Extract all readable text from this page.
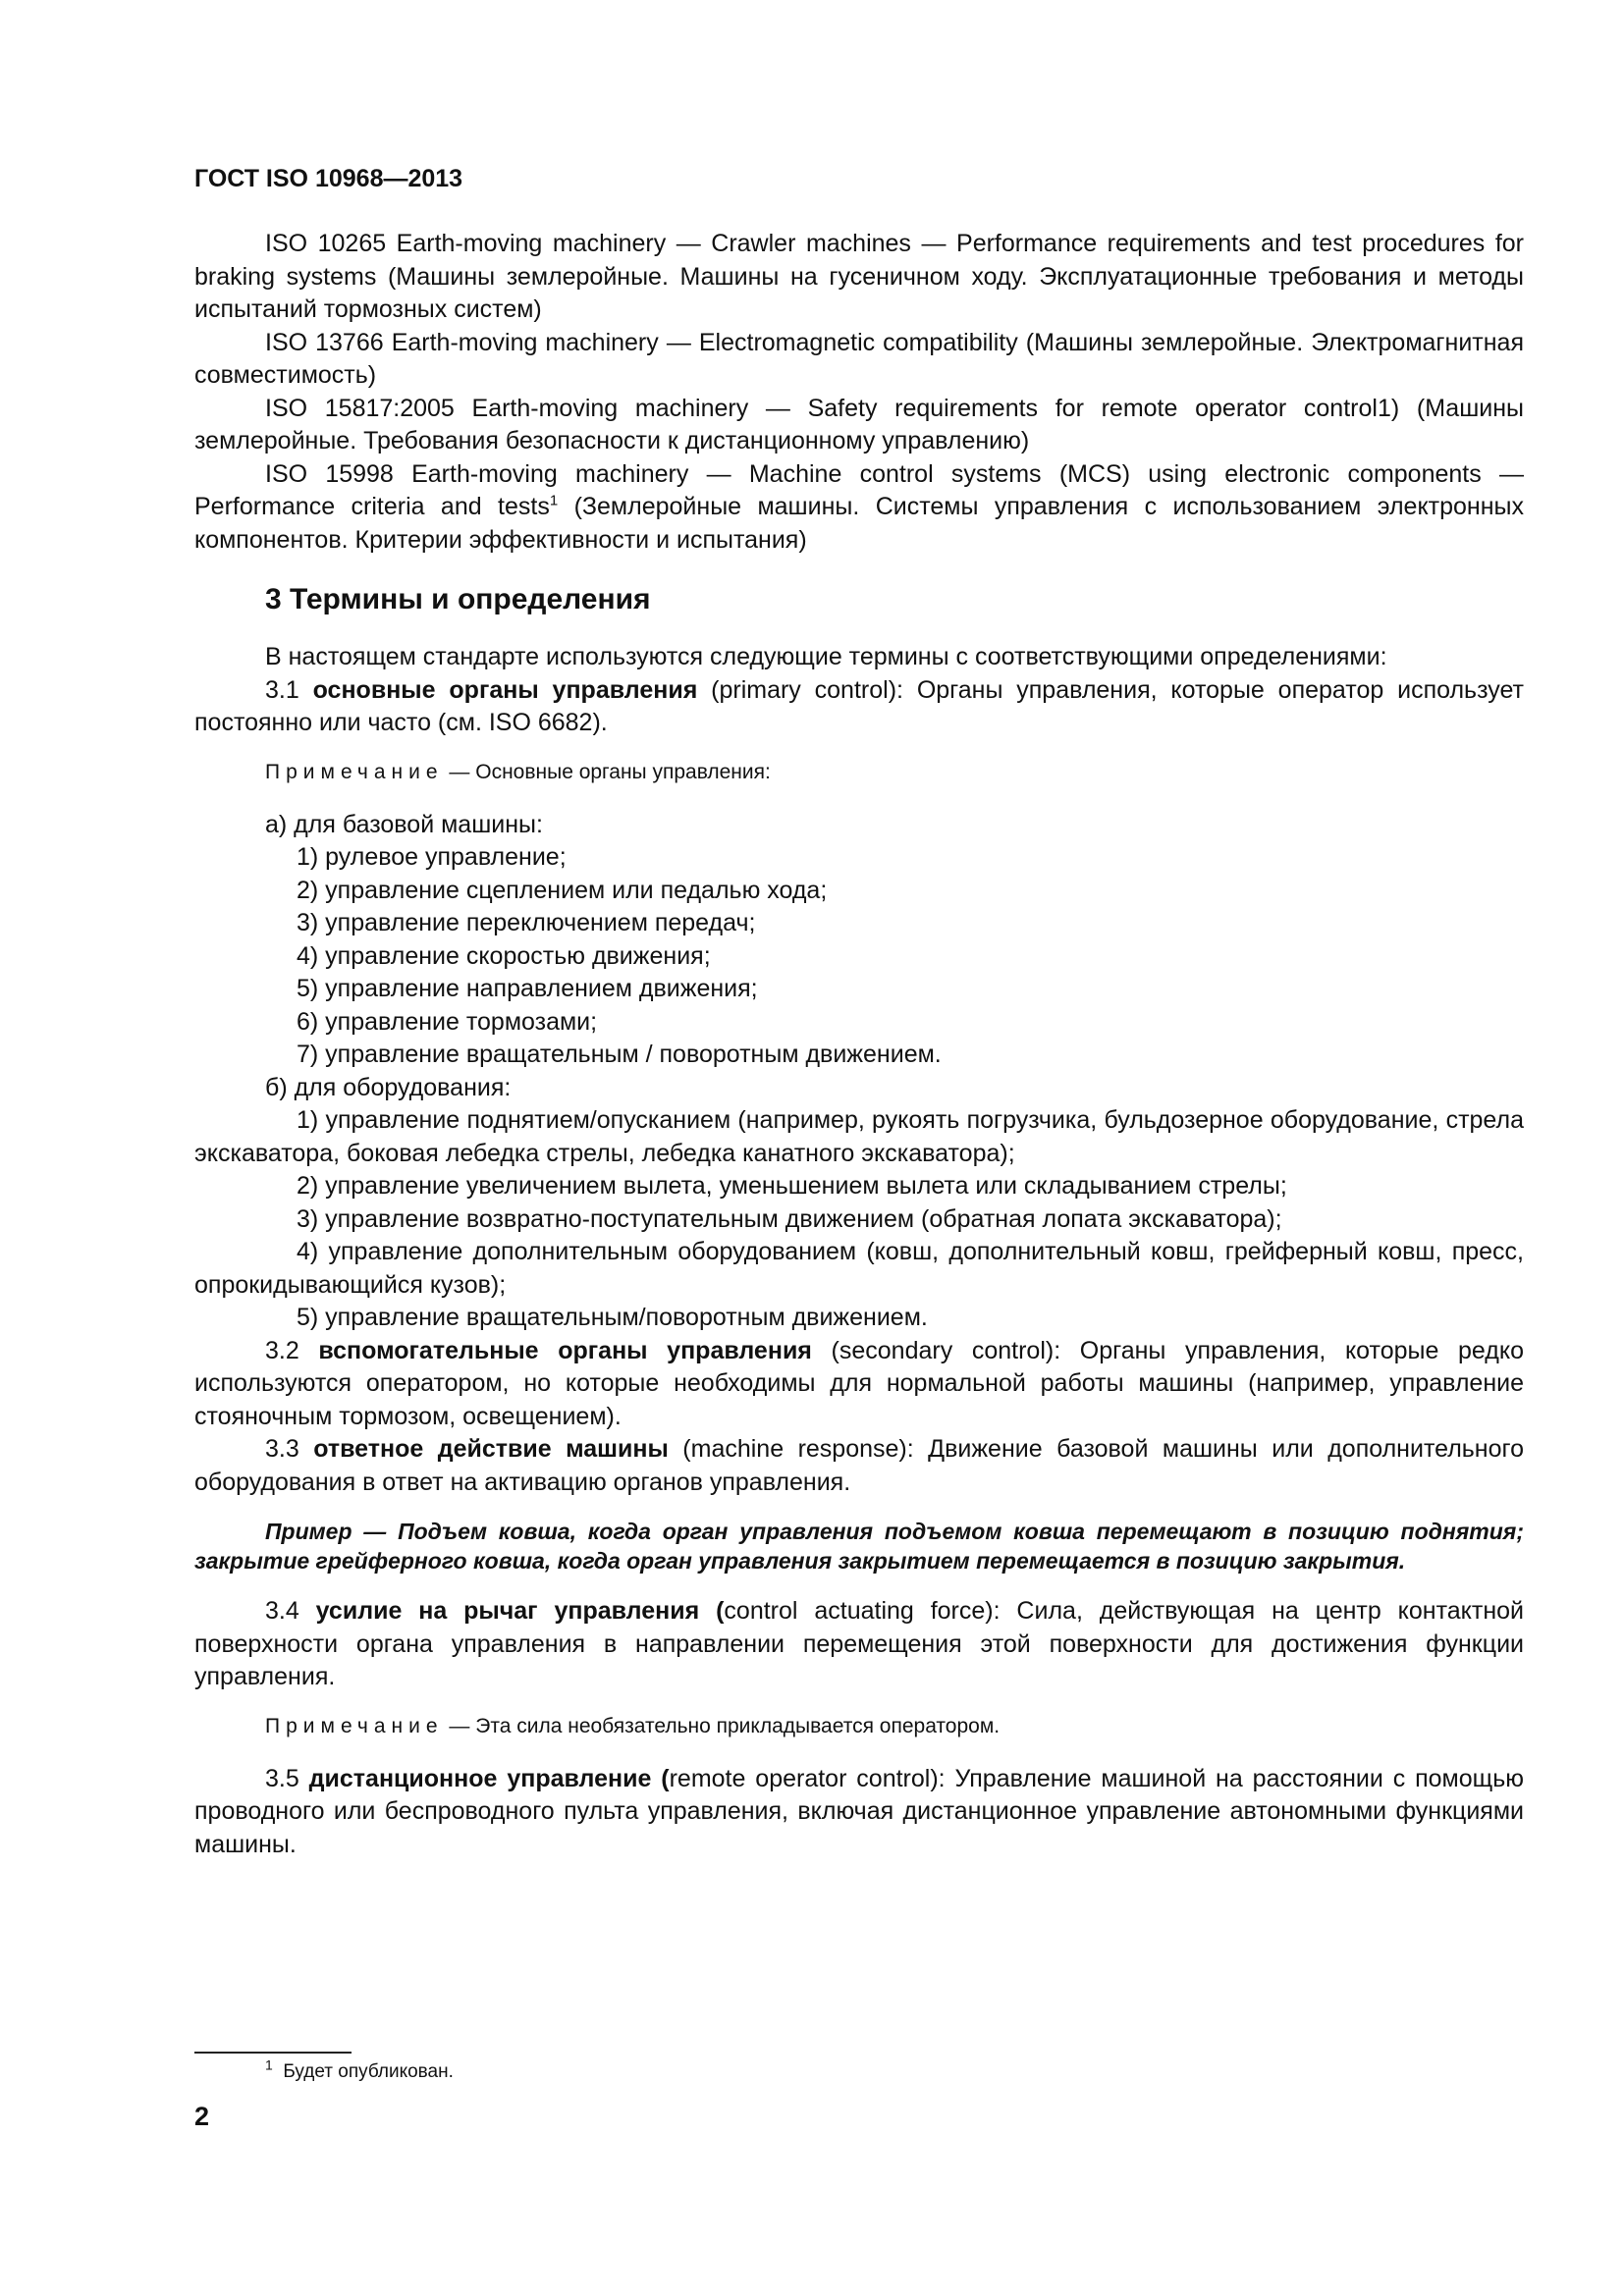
ГОСТ ISO 10968—2013

ISO 10265 Earth-moving machinery — Crawler machines — Performance requirements and test procedures for braking systems (Машины землеройные. Машины на гусеничном ходу. Эксплуатационные требования и методы испытаний тормозных систем)

ISO 13766 Earth-moving machinery — Electromagnetic compatibility (Машины землеройные. Электромагнитная совместимость)

ISO 15817:2005 Earth-moving machinery — Safety requirements for remote operator control1) (Машины землеройные. Требования безопасности к дистанционному управлению)

ISO 15998 Earth-moving machinery — Machine control systems (MCS) using electronic components — Performance criteria and tests$^1$ (Землеройные машины. Системы управления с использованием электронных компонентов. Критерии эффективности и испытания)

3 Термины и определения

В настоящем стандарте используются следующие термины с соответствующими определениями:

3.1 основные органы управления (primary control): Органы управления, которые оператор использует постоянно или часто (см. ISO 6682).

Примечание — Основные органы управления:

а) для базовой машины:

1) рулевое управление;

2) управление сцеплением или педалью хода;

3) управление переключением передач;

4) управление скоростью движения;

5) управление направлением движения;

6) управление тормозами;

7) управление вращательным / поворотным движением.

б) для оборудования:

1) управление поднятием/опусканием (например, рукоять погрузчика, бульдозерное оборудование, стрела экскаватора, боковая лебедка стрелы, лебедка канатного экскаватора);

2) управление увеличением вылета, уменьшением вылета или складыванием стрелы;

3) управление возвратно-поступательным движением (обратная лопата экскаватора);

4) управление дополнительным оборудованием (ковш, дополнительный ковш, грейферный ковш, пресс, опрокидывающийся кузов);

5) управление вращательным/поворотным движением.

3.2 вспомогательные органы управления (secondary control): Органы управления, которые редко используются оператором, но которые необходимы для нормальной работы машины (например, управление стояночным тормозом, освещением).

3.3 ответное действие машины (machine response): Движение базовой машины или дополнительного оборудования в ответ на активацию органов управления.

Пример — Подъем ковша, когда орган управления подъемом ковша перемещают в позицию поднятия; закрытие грейферного ковша, когда орган управления закрытием перемещается в позицию закрытия.

3.4 усилие на рычаг управления (control actuating force): Сила, действующая на центр контактной поверхности органа управления в направлении перемещения этой поверхности для достижения функции управления.

Примечание — Эта сила необязательно прикладывается оператором.

3.5 дистанционное управление (remote operator control): Управление машиной на расстоянии с помощью проводного или беспроводного пульта управления, включая дистанционное управление автономными функциями машины.

$^1$ Будет опубликован.
2
